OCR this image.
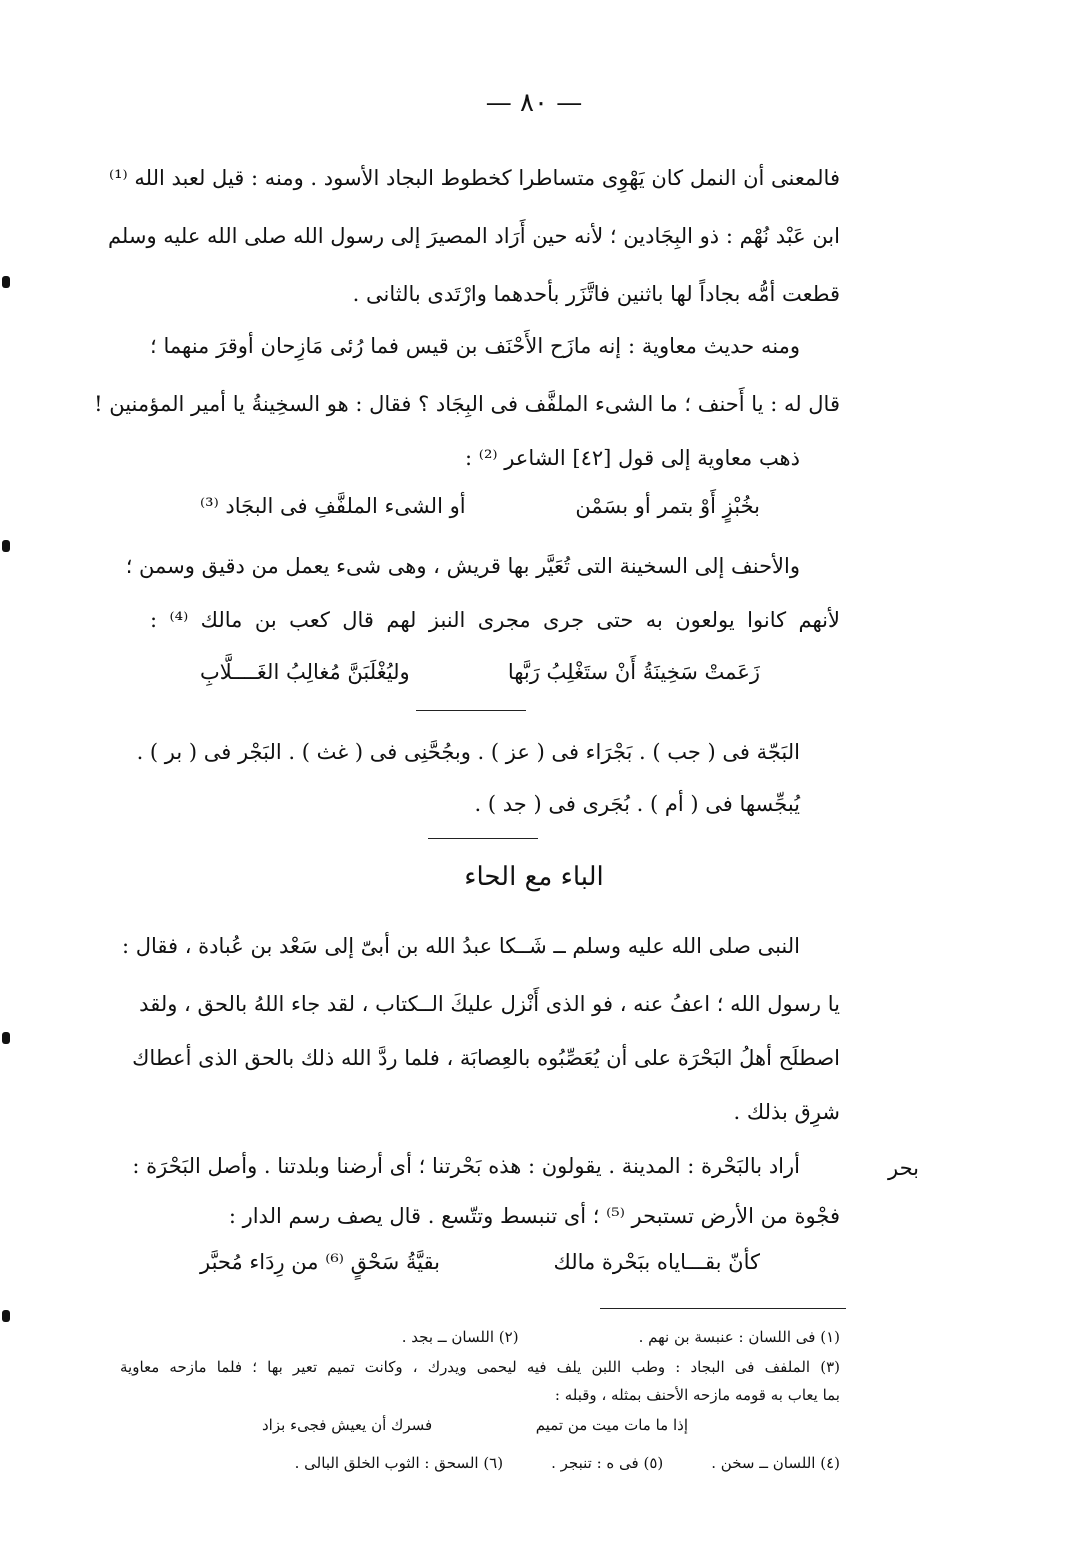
— ٨٠ —
فالمعنى أن النمل كان يَهْوِى متساطرا كخطوط البجاد الأسود . ومنه : قيل لعبد الله ⁽¹⁾
ابن عَبْد نُهْم : ذو البِجَادين ؛ لأنه حين أَرَاد المصيرَ إلى رسول الله صلى الله عليه وسلم
قطعت أمُّه بجاداً لها باثنين فاتَّزَر بأحدهما وارْتَدى بالثانى .
ومنه حديث معاوية : إنه مازَح الأَحْنَف بن قيس فما رُئى مَازِحان أوقرَ منهما ؛
قال له : يا أَحنف ؛ ما الشىء الملفَّف فى البِجَاد ؟ فقال : هو السخِينةُ يا أمير المؤمنين !
ذهب معاوية إلى قول [٤٢] الشاعر ⁽²⁾ :
بخُبْزٍ أَوْ بتمر أو بسَمْن
أو الشىء الملفَّفِ فى البجَاد ⁽³⁾
والأحنف إلى السخينة التى تُعَيَّر بها قريش ، وهى شىء يعمل من دقيق وسمن ؛
لأنهم كانوا يولعون به حتى جرى مجرى النبز لهم قال كعب بن مالك ⁽⁴⁾ :
زَعَمتْ سَخِينَةُ أَنْ ستَغْلِبُ رَبَّها
وليُغْلَبَنَّ مُغالِبُ الغَــــلَّابِ
البَجّة فى ( جب ) . بَجْرَاء فى ( عز ) . وبجُحَّنِى فى ( غث ) . البَجْر فى ( بر ) .
يُبجِّسها فى ( أم ) . بُجَرى فى ( جد ) .
الباء مع الحاء
النبى صلى الله عليه وسلم ــ شَــكا عبدُ الله بن أبىّ إلى سَعْد بن عُبادة ، فقال :
يا رسول الله ؛ اعفُ عنه ، فو الذى أَنْزل عليكَ الــكتاب ، لقد جاء اللهُ بالحق ، ولقد
اصطلَح أهلُ البَحْرَة على أن يُعَصِّبُوه بالعِصابَة ، فلما ردَّ الله ذلك بالحق الذى أعطاك
شرِق بذلك .
بحر
أراد بالبَحْرة : المدينة . يقولون : هذه بَحْرتنا ؛ أى أرضنا وبلدتنا . وأصل البَحْرَة :
فجْوة من الأرض تستبحر ⁽⁵⁾ ؛ أى تنبسط وتتّسع . قال يصف رسم الدار :
كأنّ بقـــاياه ببَحْرة مالك
بقيَّةُ سَحْقٍ ⁽⁶⁾ من رِدَاء مُحبَّر
(١) فى اللسان : عنبسة بن نهم .
(٢) اللسان ــ بجد .
(٣) الملفف فى البجاد : وطب اللبن يلف فيه ليحمى ويدرك ، وكانت تميم تعير بها ؛ فلما مازحه معاوية
بما يعاب به قومه مازحه الأحنف بمثله ، وقبله :
إذا ما مات ميت من تميم
فسرك أن يعيش فجىء بزاد
(٤) اللسان ــ سخن .
(٥) فى ه : تنبجر .
(٦) السحق : الثوب الخلق البالى .
